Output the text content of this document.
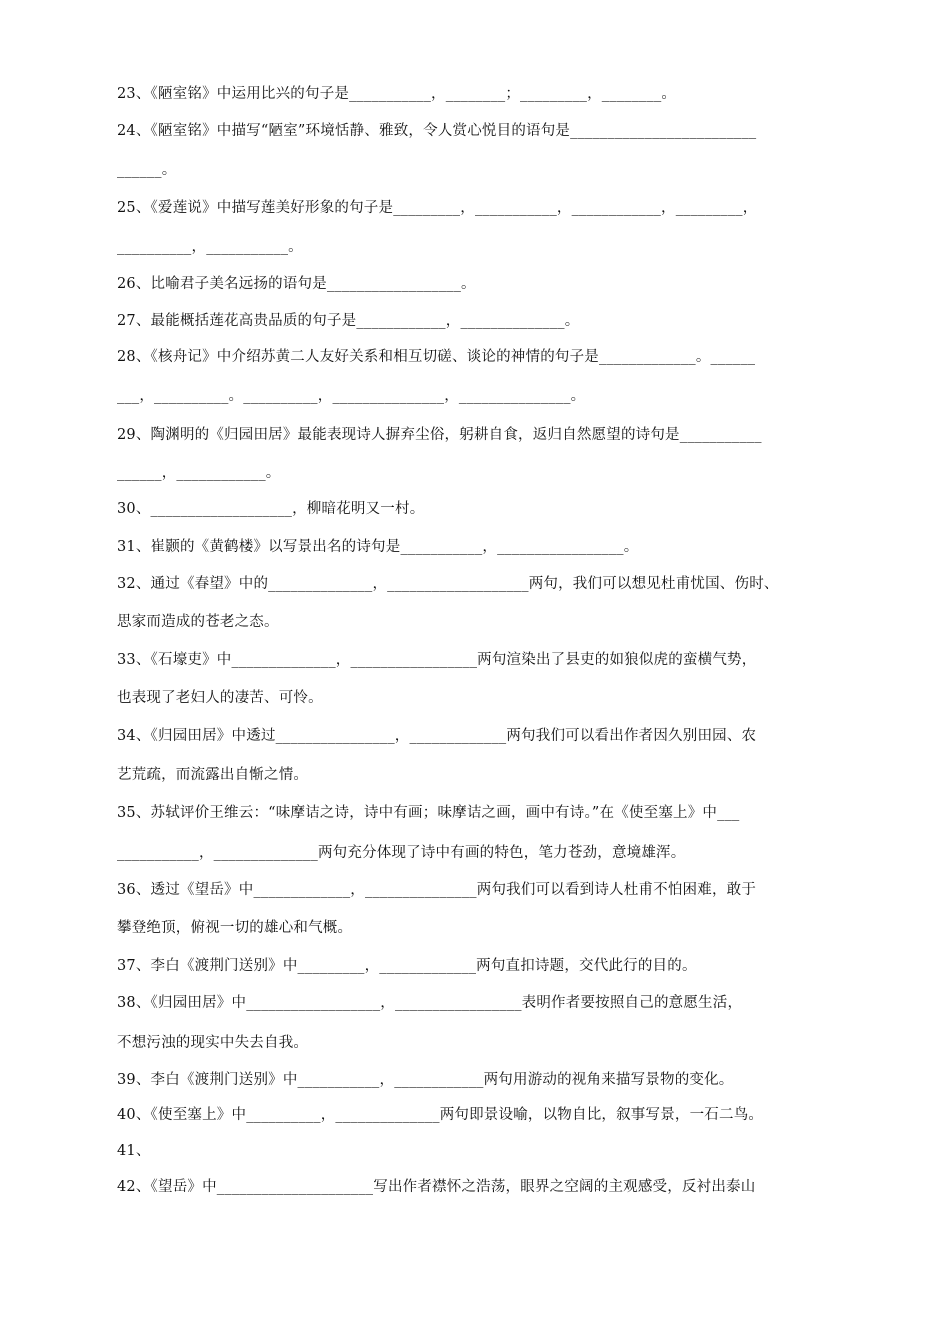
23、《陋室铭》中运用比兴的句子是___________，________；_________，________。
24、《陋室铭》中描写“陋室”环境恬静、雅致，令人赏心悦目的语句是_________________________
______。
25、《爱莲说》中描写莲美好形象的句子是_________，___________，____________，_________，
__________，___________。
26、比喻君子美名远扬的语句是__________________。
27、最能概括莲花高贵品质的句子是____________，______________。
28、《核舟记》中介绍苏黄二人友好关系和相互切磋、谈论的神情的句子是_____________。______
___，__________。__________，_______________，_______________。
29、陶渊明的《归园田居》最能表现诗人摒弃尘俗，躬耕自食，返归自然愿望的诗句是___________
______，____________。
30、___________________，柳暗花明又一村。
31、崔颢的《黄鹤楼》以写景出名的诗句是___________，_________________。
32、通过《春望》中的______________，___________________两句，我们可以想见杜甫忧国、伤时、
思家而造成的苍老之态。
33、《石壕吏》中______________，_________________两句渲染出了县吏的如狼似虎的蛮横气势，
也表现了老妇人的凄苦、可怜。
34、《归园田居》中透过________________，_____________两句我们可以看出作者因久别田园、农
艺荒疏，而流露出自惭之情。
35、苏轼评价王维云：“味摩诘之诗，诗中有画；味摩诘之画，画中有诗。”在《使至塞上》中___
___________，______________两句充分体现了诗中有画的特色，笔力苍劲，意境雄浑。
36、透过《望岳》中_____________，_______________两句我们可以看到诗人杜甫不怕困难，敢于
攀登绝顶，俯视一切的雄心和气概。
37、李白《渡荆门送别》中_________，_____________两句直扣诗题，交代此行的目的。
38、《归园田居》中__________________，_________________表明作者要按照自己的意愿生活，
不想污浊的现实中失去自我。
39、李白《渡荆门送别》中___________，____________两句用游动的视角来描写景物的变化。
40、《使至塞上》中__________，______________两句即景设喻，以物自比，叙事写景，一石二鸟。
41、
42、《望岳》中_____________________写出作者襟怀之浩荡，眼界之空阔的主观感受，反衬出泰山
